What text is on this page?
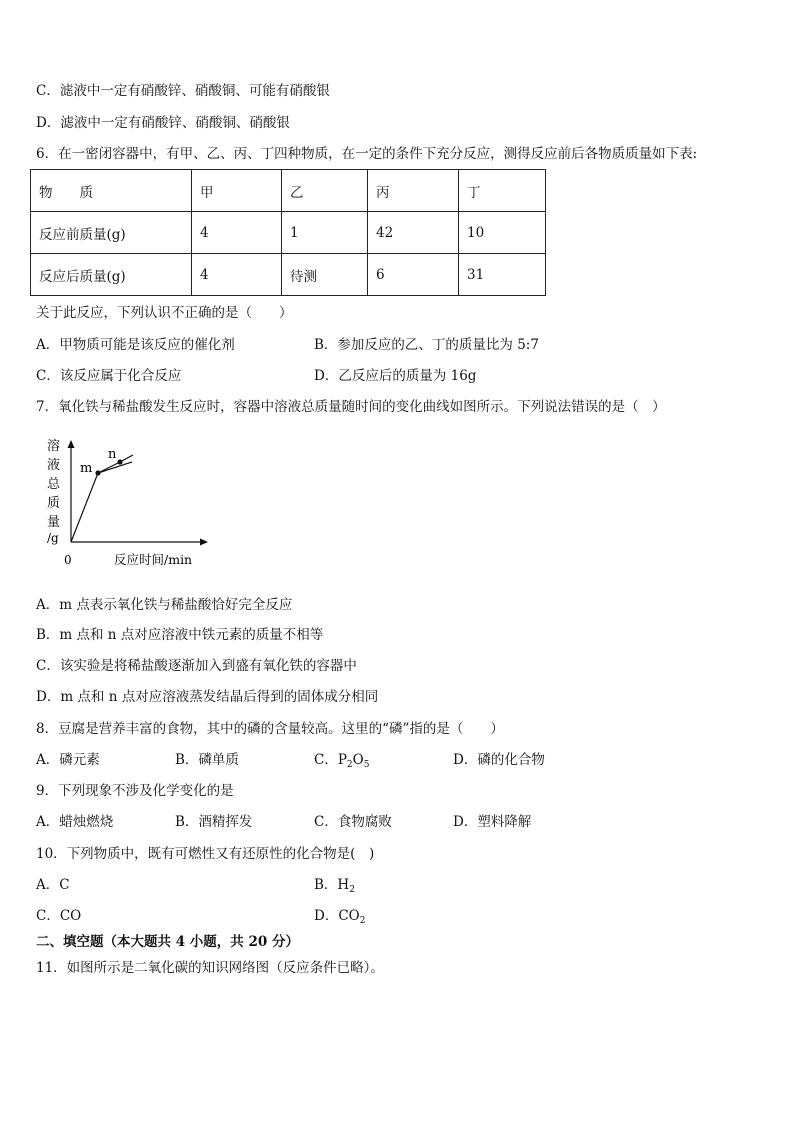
C．滤液中一定有硝酸锌、硝酸铜、可能有硝酸银
D．滤液中一定有硝酸锌、硝酸铜、硝酸银
6．在一密闭容器中，有甲、乙、丙、丁四种物质，在一定的条件下充分反应，测得反应前后各物质质量如下表:
物　　质	甲	乙	丙	丁
反应前质量(g)	4	1	42	10
反应后质量(g)	4	待测	6	31
关于此反应，下列认识不正确的是（　　）
A．甲物质可能是该反应的催化剂	B．参加反应的乙、丁的质量比为 5:7
C．该反应属于化合反应	D．乙反应后的质量为 16g
7．氧化铁与稀盐酸发生反应时，容器中溶液总质量随时间的变化曲线如图所示。下列说法错误的是（　）
溶
液
总
质
量
/g
m
n
0	反应时间/min
A．m 点表示氧化铁与稀盐酸恰好完全反应
B．m 点和 n 点对应溶液中铁元素的质量不相等
C．该实验是将稀盐酸逐渐加入到盛有氧化铁的容器中
D．m 点和 n 点对应溶液蒸发结晶后得到的固体成分相同
8．豆腐是营养丰富的食物，其中的磷的含量较高。这里的“磷”指的是（　　）
A．磷元素	B．磷单质	C．$P_2O_5$	D．磷的化合物
9．下列现象不涉及化学变化的是
A．蜡烛燃烧	B．酒精挥发	C．食物腐败	D．塑料降解
10．下列物质中，既有可燃性又有还原性的化合物是(　)
A．C	B．$H_2$
C．CO	D．$CO_2$
二、填空题（本大题共 4 小题，共 20 分）
11．如图所示是二氧化碳的知识网络图（反应条件已略）。
